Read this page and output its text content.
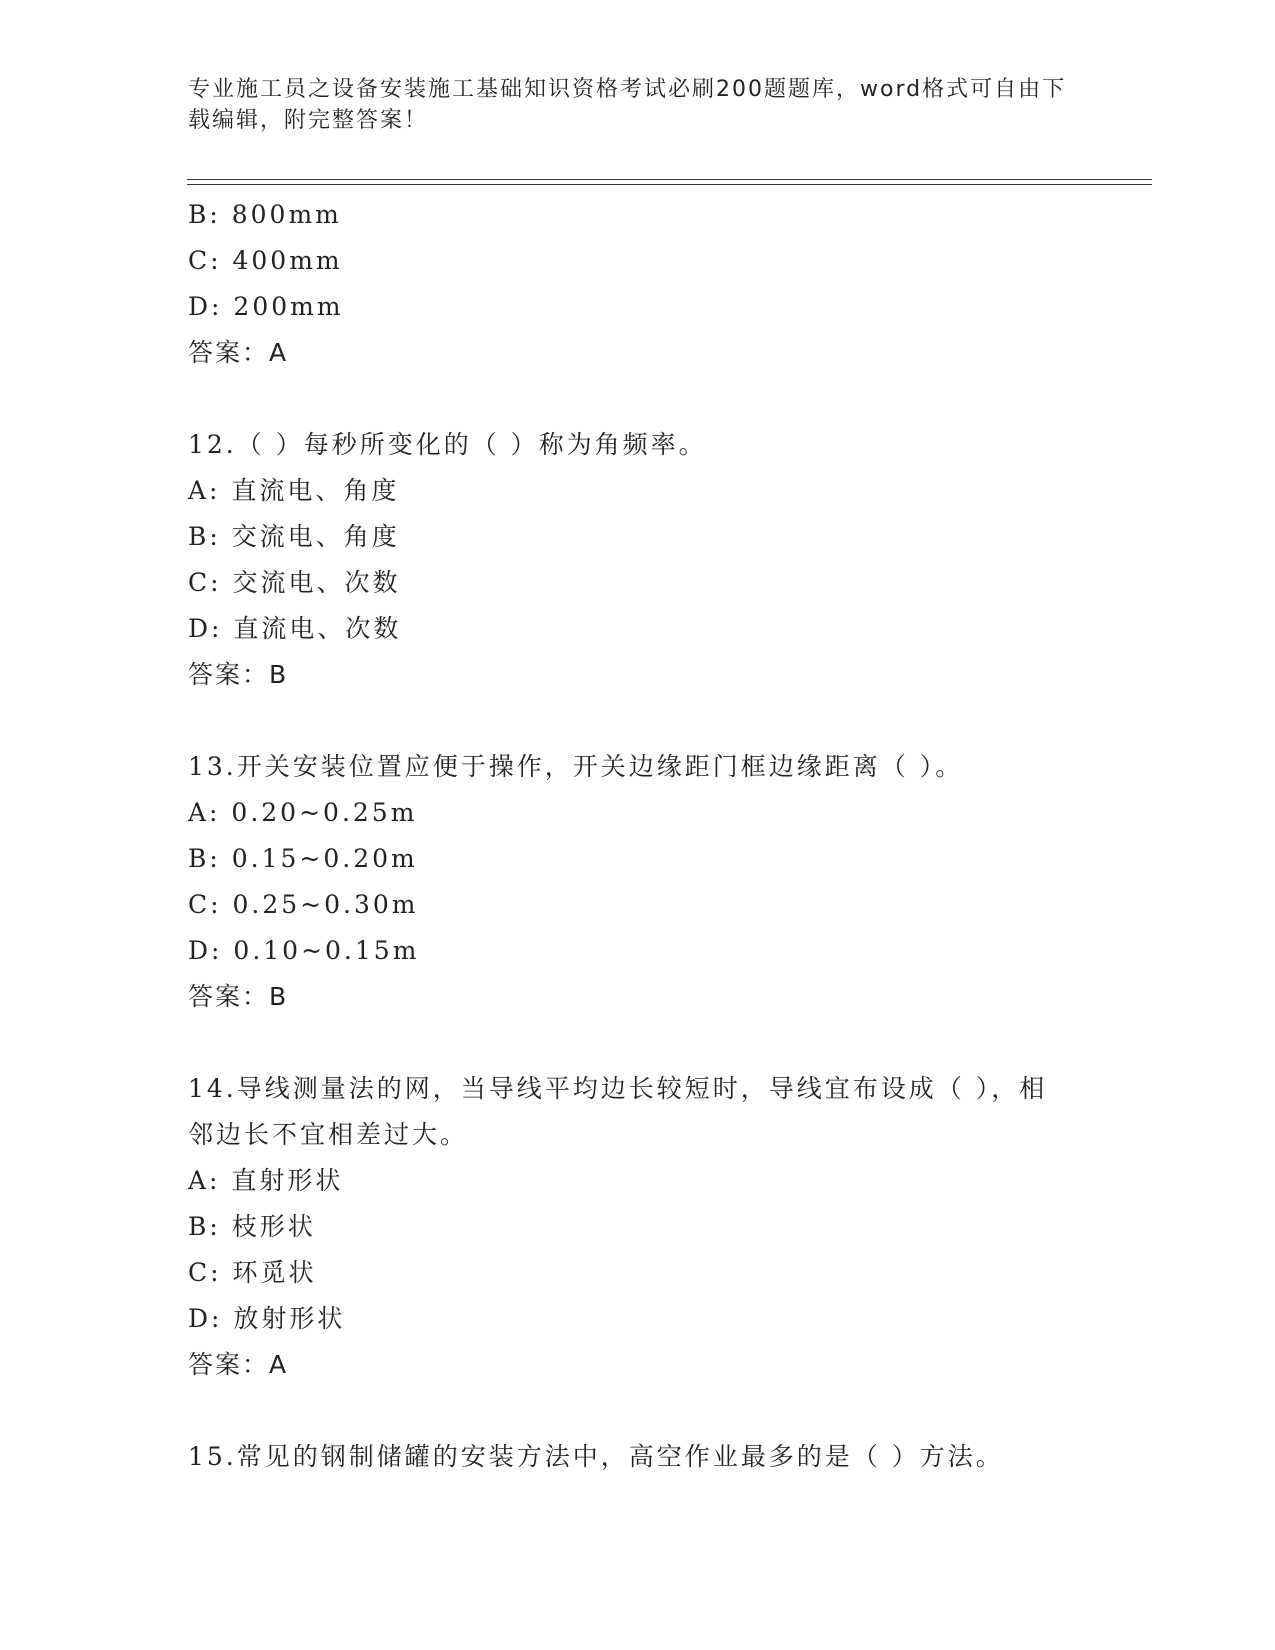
专业施工员之设备安装施工基础知识资格考试必刷200题题库，word格式可自由下载编辑，附完整答案！
B: 800mm
C: 400mm
D: 200mm
答案：A
12.（ ）每秒所变化的（ ）称为角频率。
A: 直流电、角度
B: 交流电、角度
C: 交流电、次数
D: 直流电、次数
答案：B
13.开关安装位置应便于操作，开关边缘距门框边缘距离（ ）。
A: 0.20~0.25m
B: 0.15~0.20m
C: 0.25~0.30m
D: 0.10~0.15m
答案：B
14.导线测量法的网，当导线平均边长较短时，导线宜布设成（ ），相邻边长不宜相差过大。
A: 直射形状
B: 枝形状
C: 环觅状
D: 放射形状
答案：A
15.常见的钢制储罐的安装方法中，高空作业最多的是（ ）方法。
